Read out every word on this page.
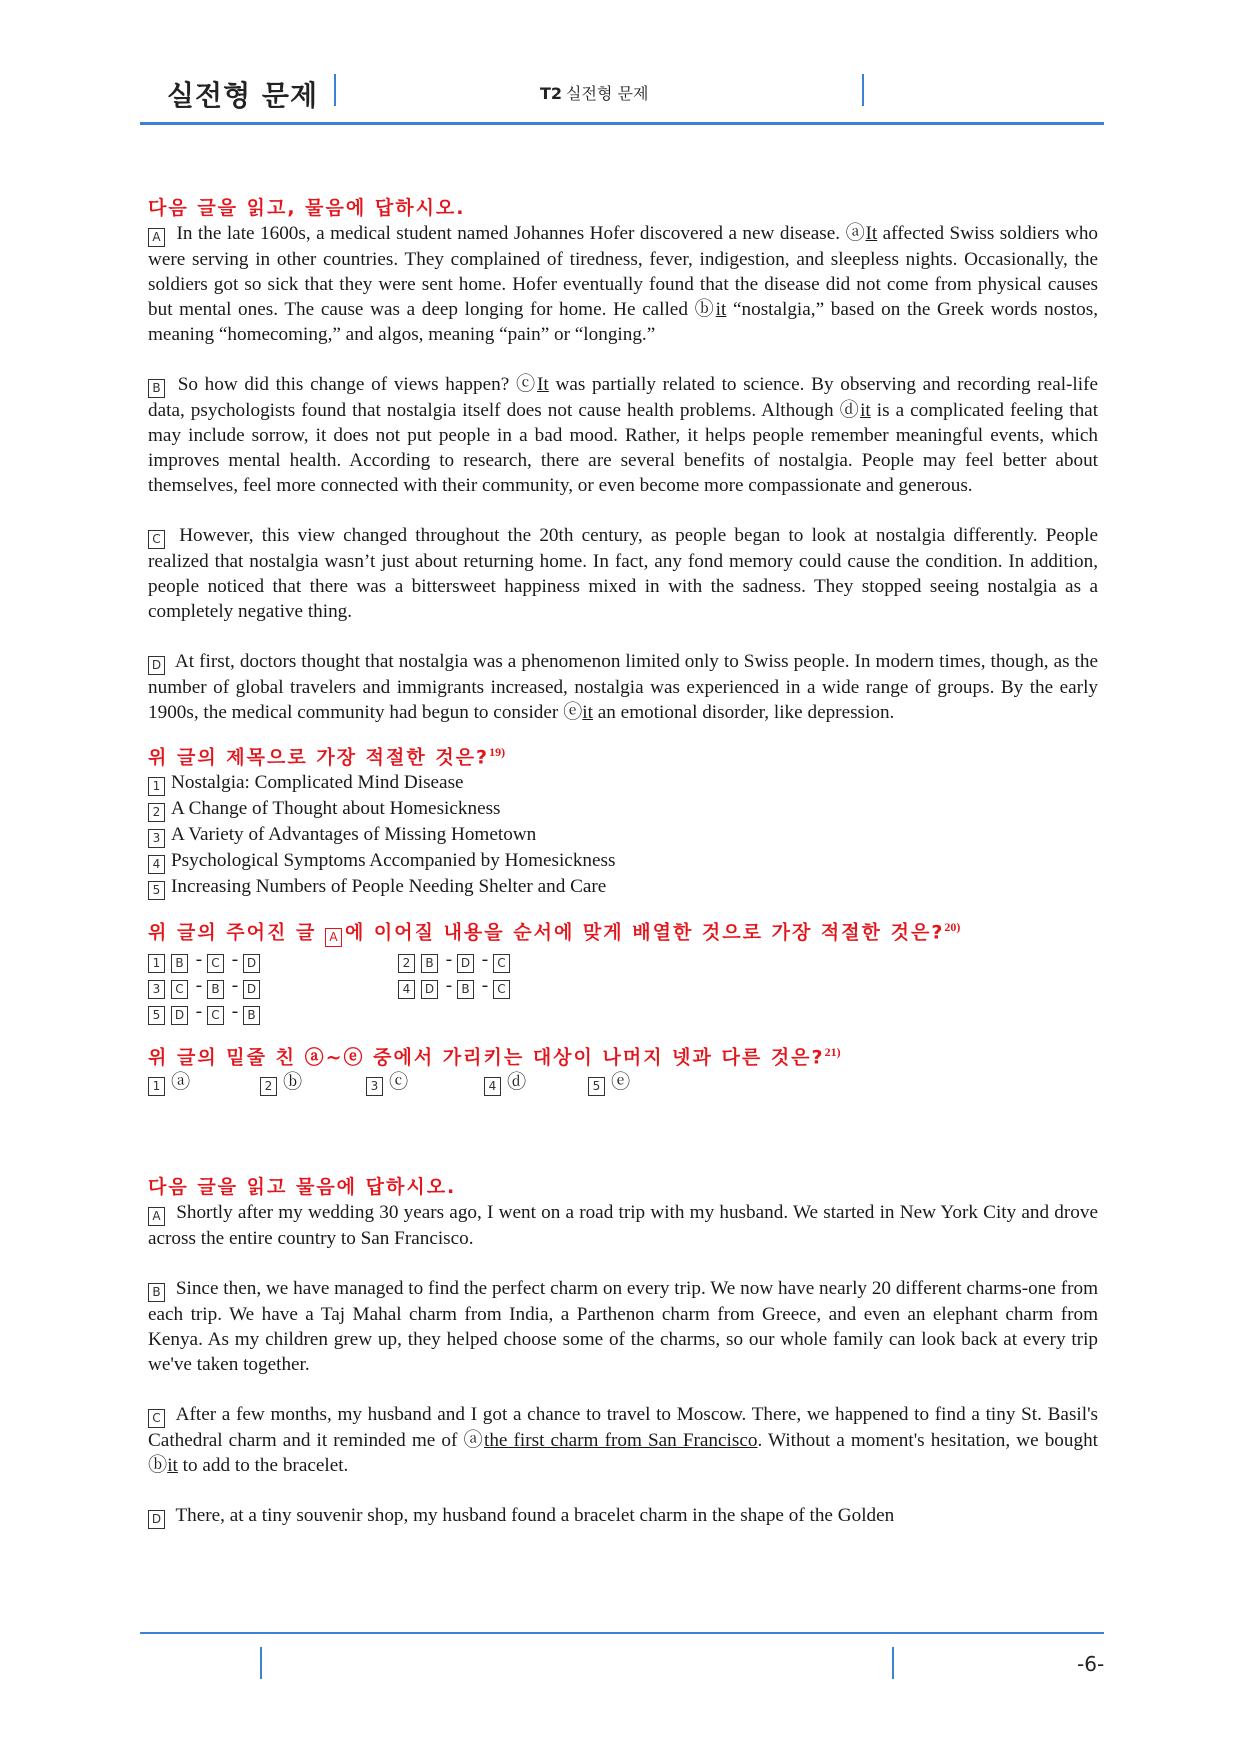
실전형 문제	T2 실전형 문제
다음 글을 읽고, 물음에 답하시오.

A In the late 1600s, a medical student named Johannes Hofer discovered a new disease. ⓐIt affected Swiss soldiers who were serving in other countries. They complained of tiredness, fever, indigestion, and sleepless nights. Occasionally, the soldiers got so sick that they were sent home. Hofer eventually found that the disease did not come from physical causes but mental ones. The cause was a deep longing for home. He called ⓑit “nostalgia,” based on the Greek words nostos, meaning “homecoming,” and algos, meaning “pain” or “longing.”

B So how did this change of views happen? ⓒIt was partially related to science. By observing and recording real-life data, psychologists found that nostalgia itself does not cause health problems. Although ⓓit is a complicated feeling that may include sorrow, it does not put people in a bad mood. Rather, it helps people remember meaningful events, which improves mental health. According to research, there are several benefits of nostalgia. People may feel better about themselves, feel more connected with their community, or even become more compassionate and generous.

C However, this view changed throughout the 20th century, as people began to look at nostalgia differently. People realized that nostalgia wasn’t just about returning home. In fact, any fond memory could cause the condition. In addition, people noticed that there was a bittersweet happiness mixed in with the sadness. They stopped seeing nostalgia as a completely negative thing.

D At first, doctors thought that nostalgia was a phenomenon limited only to Swiss people. In modern times, though, as the number of global travelers and immigrants increased, nostalgia was experienced in a wide range of groups. By the early 1900s, the medical community had begun to consider ⓔit an emotional disorder, like depression.

위 글의 제목으로 가장 적절한 것은?$^{19)}$

1 Nostalgia: Complicated Mind Disease

2 A Change of Thought about Homesickness

3 A Variety of Advantages of Missing Hometown

4 Psychological Symptoms Accompanied by Homesickness

5 Increasing Numbers of People Needing Shelter and Care

위 글의 주어진 글 A 에 이어질 내용을 순서에 맞게 배열한 것으로 가장 적절한 것은?$^{20)}$

1 B - C - D	2 B - D - C

3 C - B - D	4 D - B - C

5 D - C - B

위 글의 밑줄 친 ⓐ~ⓔ 중에서 가리키는 대상이 나머지 넷과 다른 것은?$^{21)}$
1 ⓐ	2 ⓑ	3 ⓒ	4 ⓓ	5 ⓔ
다음 글을 읽고 물음에 답하시오.

A Shortly after my wedding 30 years ago, I went on a road trip with my husband. We started in New York City and drove across the entire country to San Francisco.

B Since then, we have managed to find the perfect charm on every trip. We now have nearly 20 different charms-one from each trip. We have a Taj Mahal charm from India, a Parthenon charm from Greece, and even an elephant charm from Kenya. As my children grew up, they helped choose some of the charms, so our whole family can look back at every trip we've taken together.

C After a few months, my husband and I got a chance to travel to Moscow. There, we happened to find a tiny St. Basil's Cathedral charm and it reminded me of ⓐthe first charm from San Francisco. Without a moment's hesitation, we bought ⓑit to add to the bracelet.

D There, at a tiny souvenir shop, my husband found a bracelet charm in the shape of the Golden

-6-
